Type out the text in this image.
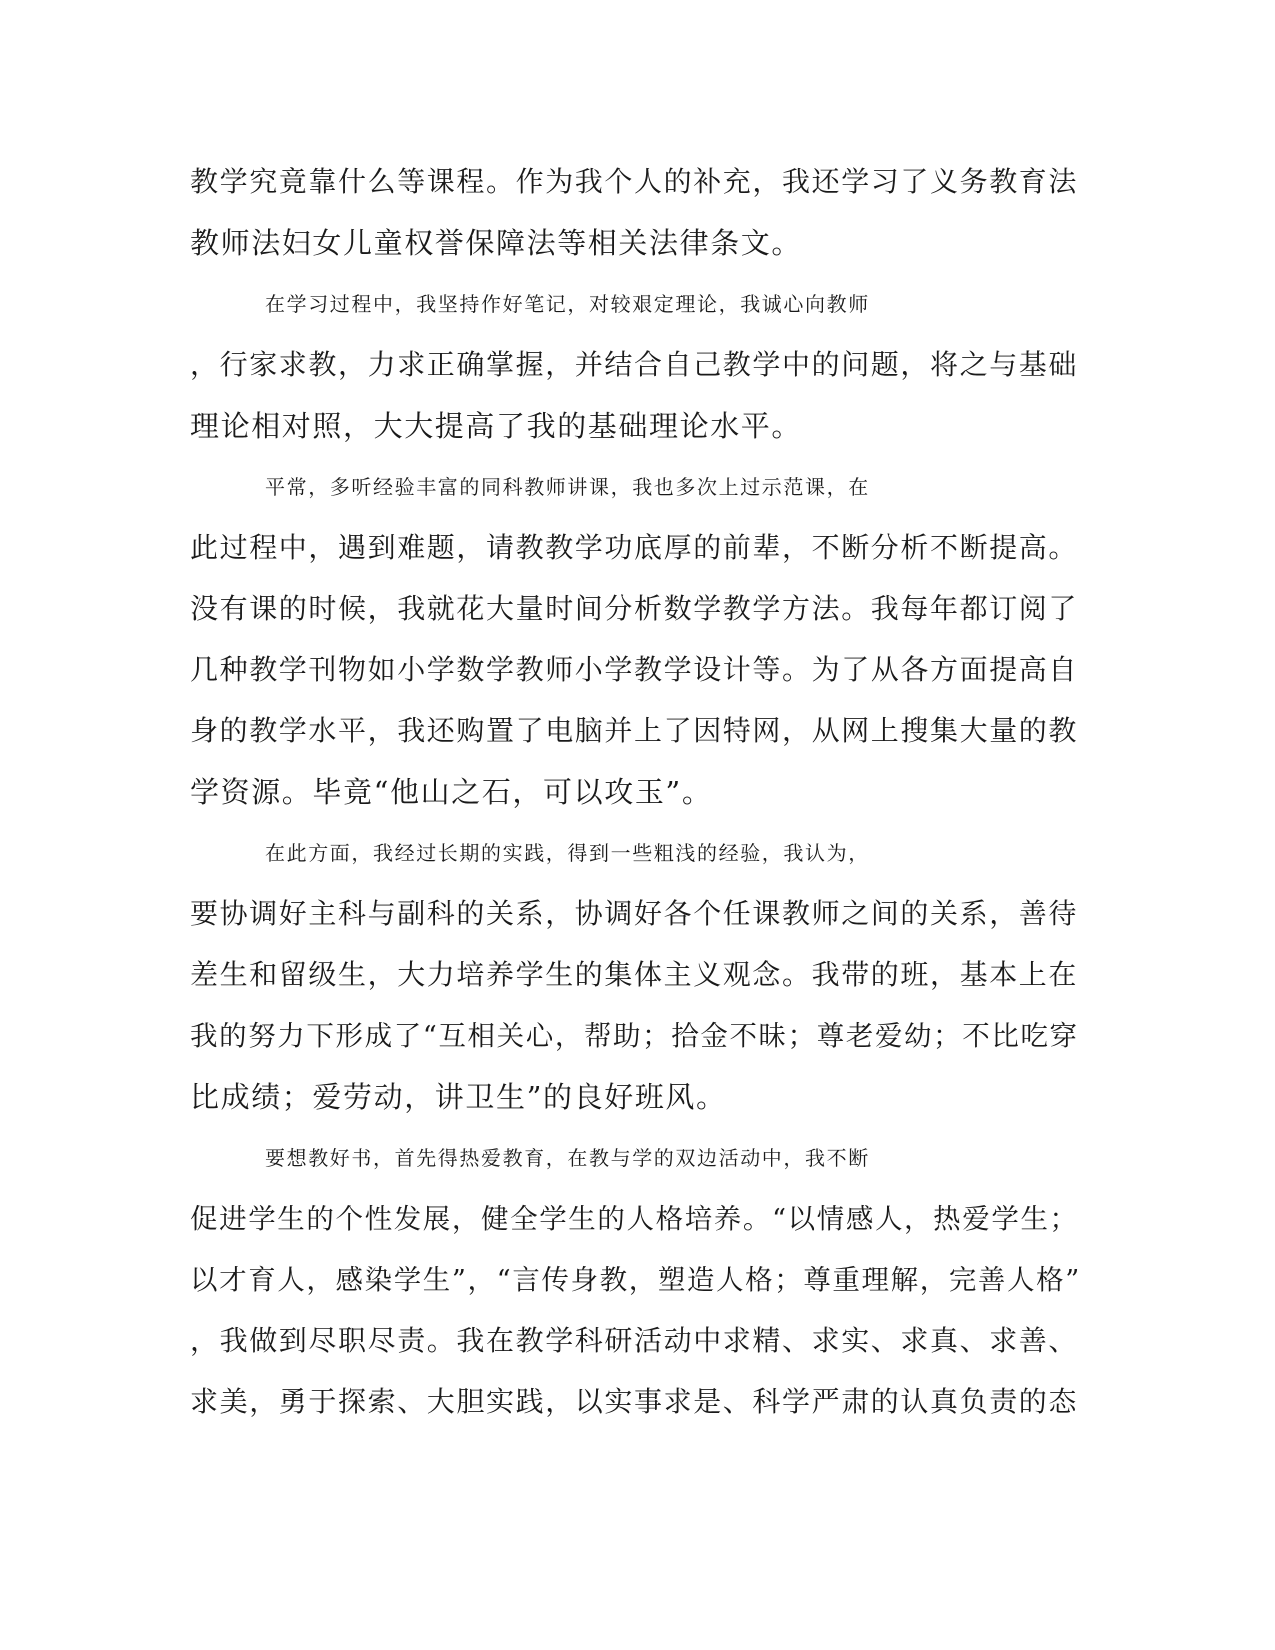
教学究竟靠什么等课程。作为我个人的补充，我还学习了义务教育法
教师法妇女儿童权誉保障法等相关法律条文。
在学习过程中，我坚持作好笔记，对较艰定理论，我诚心向教师
，行家求教，力求正确掌握，并结合自己教学中的问题，将之与基础
理论相对照，大大提高了我的基础理论水平。
平常，多听经验丰富的同科教师讲课，我也多次上过示范课，在
此过程中，遇到难题，请教教学功底厚的前辈，不断分析不断提高。
没有课的时候，我就花大量时间分析数学教学方法。我每年都订阅了
几种教学刊物如小学数学教师小学教学设计等。为了从各方面提高自
身的教学水平，我还购置了电脑并上了因特网，从网上搜集大量的教
学资源。毕竟“他山之石，可以攻玉”。
在此方面，我经过长期的实践，得到一些粗浅的经验，我认为，
要协调好主科与副科的关系，协调好各个任课教师之间的关系，善待
差生和留级生，大力培养学生的集体主义观念。我带的班，基本上在
我的努力下形成了“互相关心，帮助；拾金不昧；尊老爱幼；不比吃穿
比成绩；爱劳动，讲卫生”的良好班风。
要想教好书，首先得热爱教育，在教与学的双边活动中，我不断
促进学生的个性发展，健全学生的人格培养。“以情感人，热爱学生；
以才育人，感染学生”，“言传身教，塑造人格；尊重理解，完善人格”
，我做到尽职尽责。我在教学科研活动中求精、求实、求真、求善、
求美，勇于探索、大胆实践，以实事求是、科学严肃的认真负责的态
